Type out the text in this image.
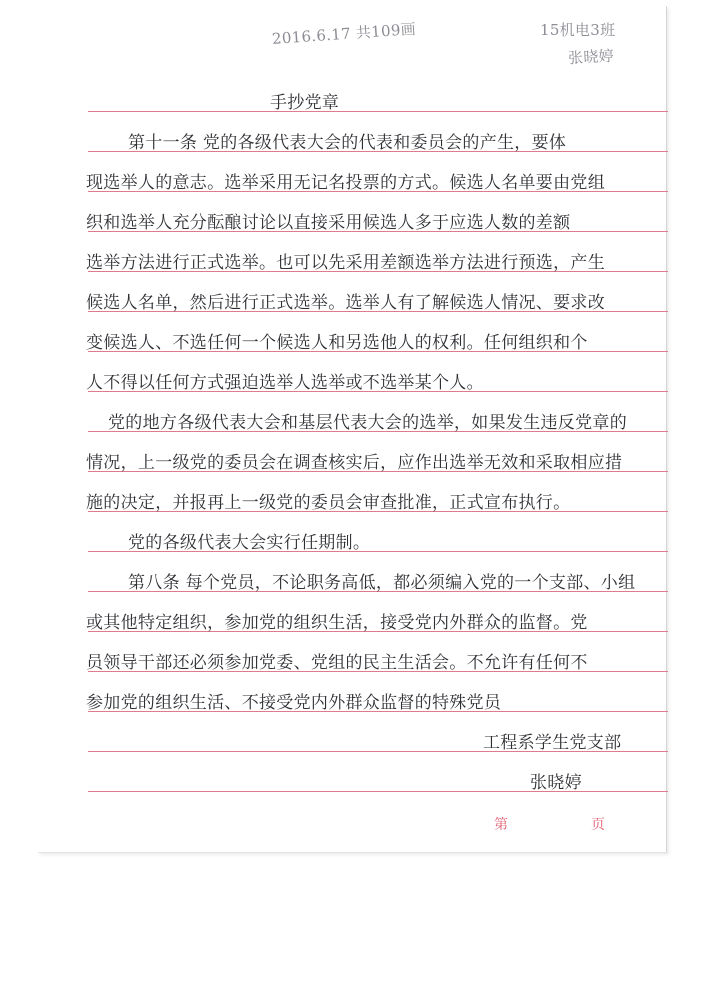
2016.6.17 共109画	15机电3班
张晓婷
手抄党章
第十一条 党的各级代表大会的代表和委员会的产生，要体
现选举人的意志。选举采用无记名投票的方式。候选人名单要由党组
织和选举人充分酝酿讨论以直接采用候选人多于应选人数的差额
选举方法进行正式选举。也可以先采用差额选举方法进行预选，产生
候选人名单，然后进行正式选举。选举人有了解候选人情况、要求改
变候选人、不选任何一个候选人和另选他人的权利。任何组织和个
人不得以任何方式强迫选举人选举或不选举某个人。
党的地方各级代表大会和基层代表大会的选举，如果发生违反党章的
情况，上一级党的委员会在调查核实后，应作出选举无效和采取相应措
施的决定，并报再上一级党的委员会审查批准，正式宣布执行。
党的各级代表大会实行任期制。
第八条 每个党员，不论职务高低，都必须编入党的一个支部、小组
或其他特定组织，参加党的组织生活，接受党内外群众的监督。党
员领导干部还必须参加党委、党组的民主生活会。不允许有任何不
参加党的组织生活、不接受党内外群众监督的特殊党员
工程系学生党支部
张晓婷
第	页
